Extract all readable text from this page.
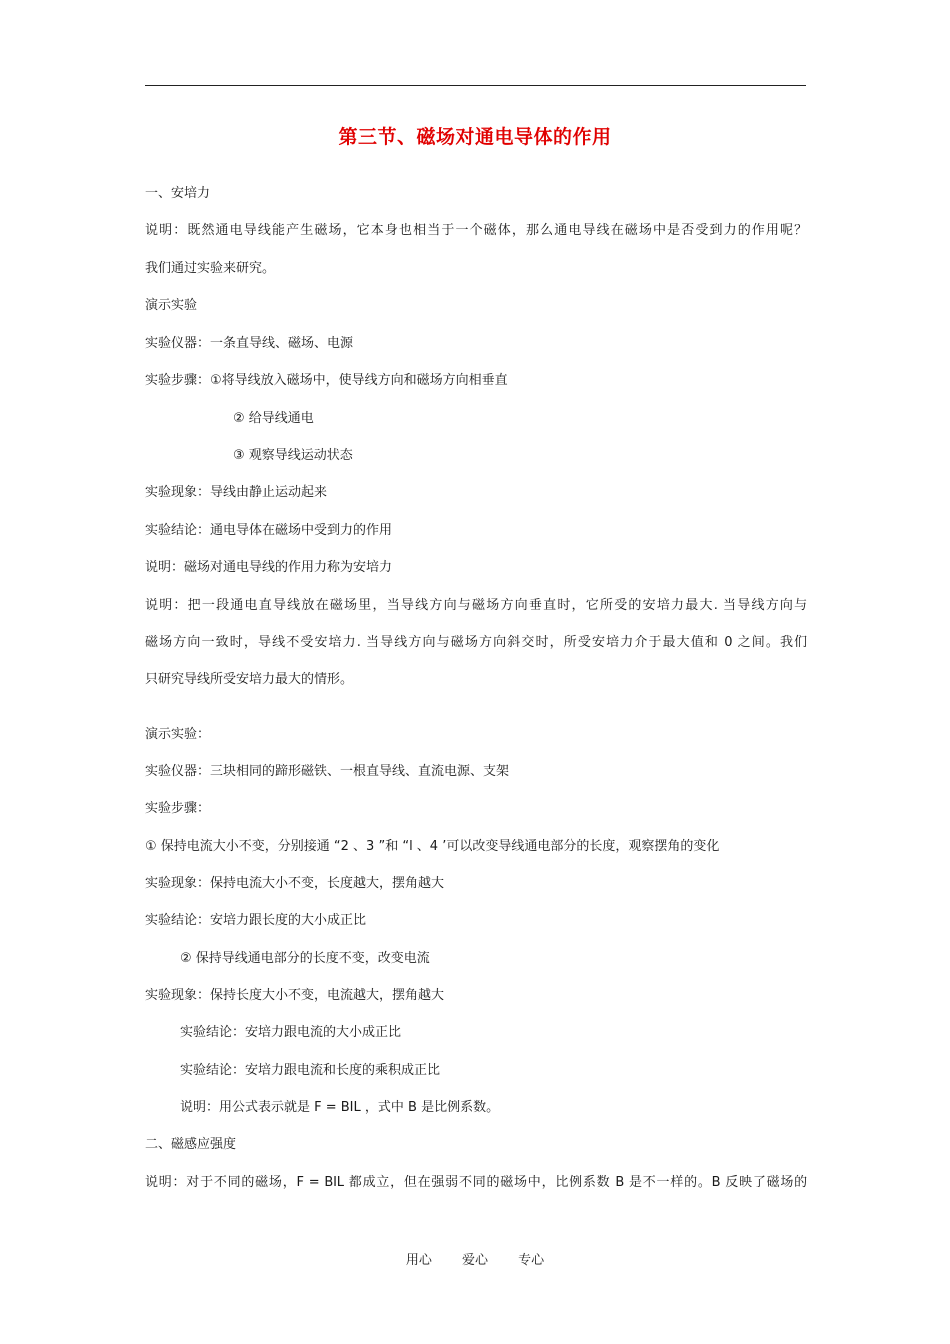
第三节、磁场对通电导体的作用
一、安培力
说明：既然通电导线能产生磁场，它本身也相当于一个磁体，那么通电导线在磁场中是否受到力的作用呢？
我们通过实验来研究。
演示实验
实验仪器：一条直导线、磁场、电源
实验步骤：①将导线放入磁场中，使导线方向和磁场方向相垂直
② 给导线通电
③ 观察导线运动状态
实验现象：导线由静止运动起来
实验结论：通电导体在磁场中受到力的作用
说明：磁场对通电导线的作用力称为安培力
说明：把一段通电直导线放在磁场里，当导线方向与磁场方向垂直时，它所受的安培力最大. 当导线方向与
磁场方向一致时，导线不受安培力. 当导线方向与磁场方向斜交时，所受安培力介于最大值和 0 之间。我们
只研究导线所受安培力最大的情形。
演示实验：
实验仪器：三块相同的蹄形磁铁、一根直导线、直流电源、支架
实验步骤：
① 保持电流大小不变，分别接通 “2 、3 ”和 “l 、4 ’可以改变导线通电部分的长度，观察摆角的变化
实验现象：保持电流大小不变，长度越大，摆角越大
实验结论：安培力跟长度的大小成正比
② 保持导线通电部分的长度不变，改变电流
实验现象：保持长度大小不变，电流越大，摆角越大
实验结论：安培力跟电流的大小成正比
实验结论：安培力跟电流和长度的乘积成正比
说明：用公式表示就是 F = BIL ，式中 B 是比例系数。
二、磁感应强度
说明：对于不同的磁场，F = BIL 都成立，但在强弱不同的磁场中，比例系数 B 是不一样的。B 反映了磁场的
用心 爱心 专心
